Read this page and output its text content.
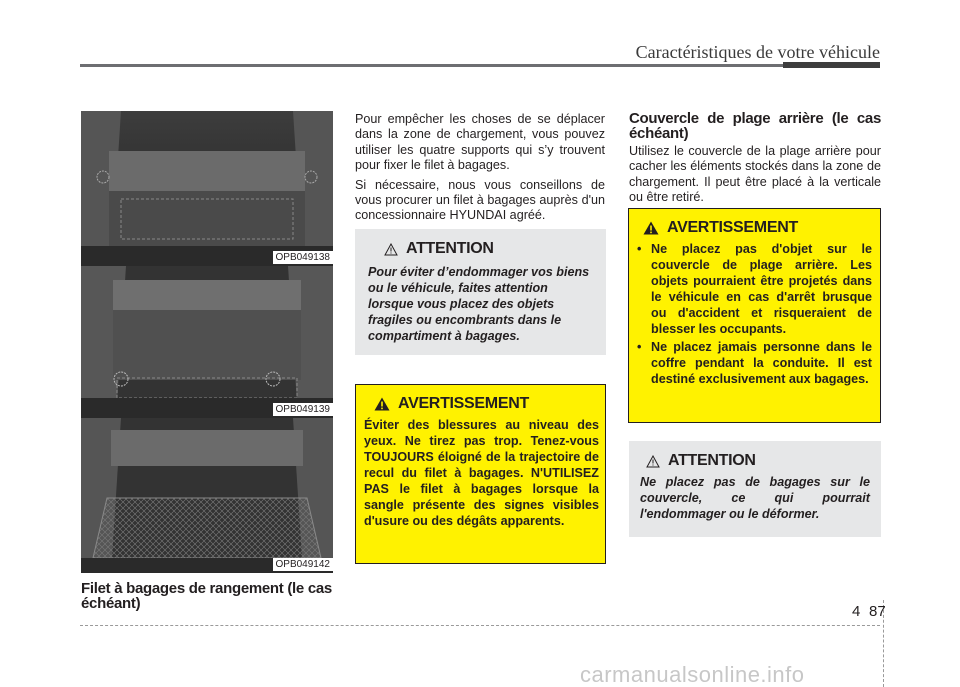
Caractéristiques de votre véhicule
OPB049138
OPB049139
OPB049142
Filet à bagages de rangement (le cas échéant)

Pour empêcher les choses de se déplacer dans la zone de chargement, vous pouvez utiliser les quatre supports qui s’y trouvent pour fixer le filet à bagages.

Si nécessaire, nous vous conseillons de vous procurer un filet à bagages auprès d'un concessionnaire HYUNDAI agréé.

ATTENTION
Pour éviter d’endommager vos biens ou le véhicule, faites attention lorsque vous placez des objets fragiles ou encombrants dans le compartiment à bagages.
AVERTISSEMENT
Éviter des blessures au niveau des yeux. Ne tirez pas trop. Tenez-vous TOUJOURS éloigné de la trajectoire de recul du filet à bagages. N'UTILISEZ PAS le filet à bagages lorsque la sangle présente des signes visibles d'usure ou des dégâts apparents.
Couvercle de plage arrière (le cas échéant)

Utilisez le couvercle de la plage arrière pour cacher les éléments stockés dans la zone de chargement. Il peut être placé à la verticale ou être retiré.

AVERTISSEMENT
• Ne placez pas d'objet sur le couvercle de plage arrière. Les objets pourraient être projetés dans le véhicule en cas d'arrêt brusque ou d'accident et risqueraient de blesser les occupants.
• Ne placez jamais personne dans le coffre pendant la conduite. Il est destiné exclusivement aux bagages.
ATTENTION
Ne placez pas de bagages sur le couvercle, ce qui pourrait l'endommager ou le déformer.
4 87
carmanualsonline.info
